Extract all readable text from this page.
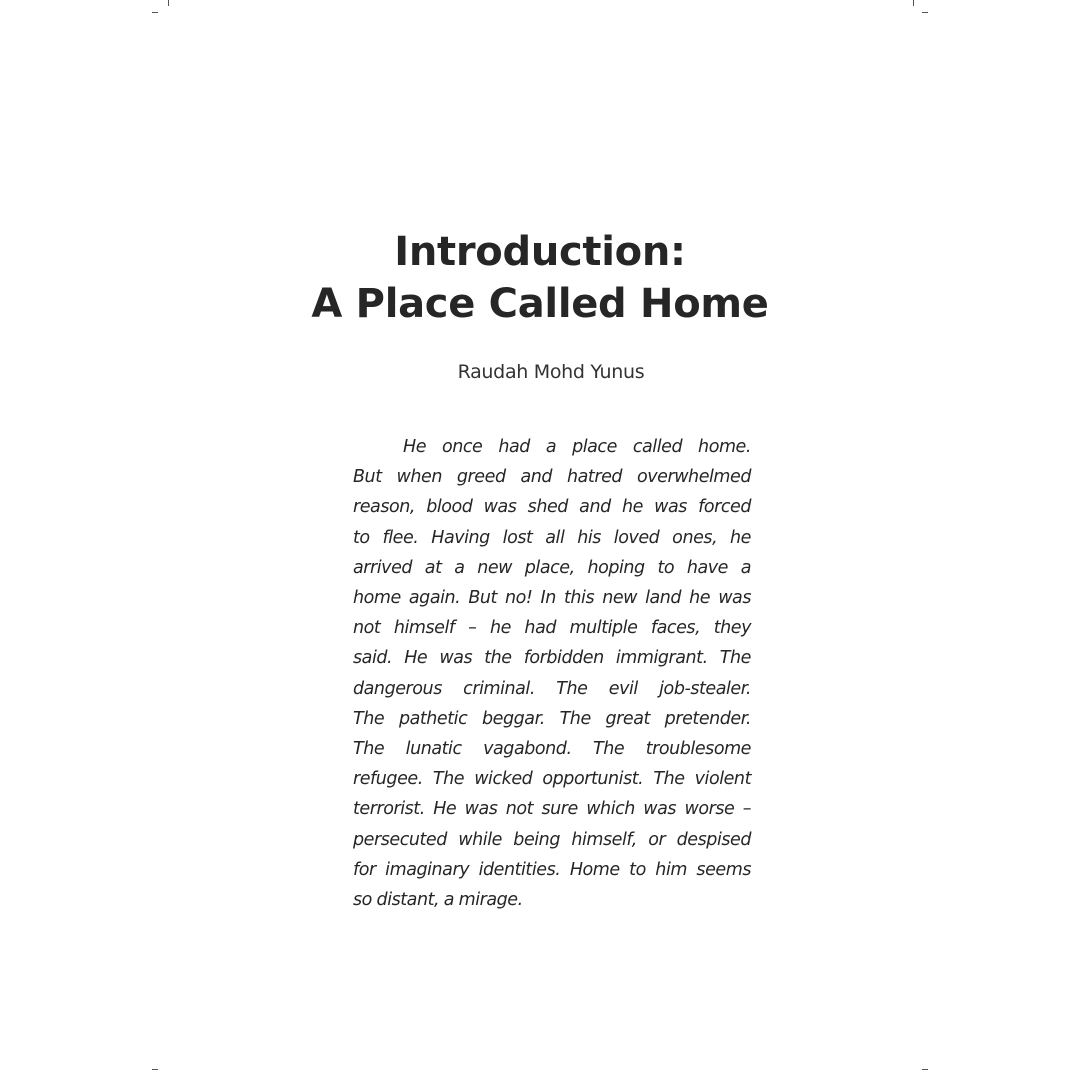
Introduction:
A Place Called Home
Raudah Mohd Yunus

He once had a place called home.
But when greed and hatred overwhelmed
reason, blood was shed and he was forced
to flee. Having lost all his loved ones, he
arrived at a new place, hoping to have a
home again. But no! In this new land he was
not himself – he had multiple faces, they
said. He was the forbidden immigrant. The
dangerous criminal. The evil job-stealer.
The pathetic beggar. The great pretender.
The lunatic vagabond. The troublesome
refugee. The wicked opportunist. The violent
terrorist. He was not sure which was worse –
persecuted while being himself, or despised
for imaginary identities. Home to him seems
so distant, a mirage.
